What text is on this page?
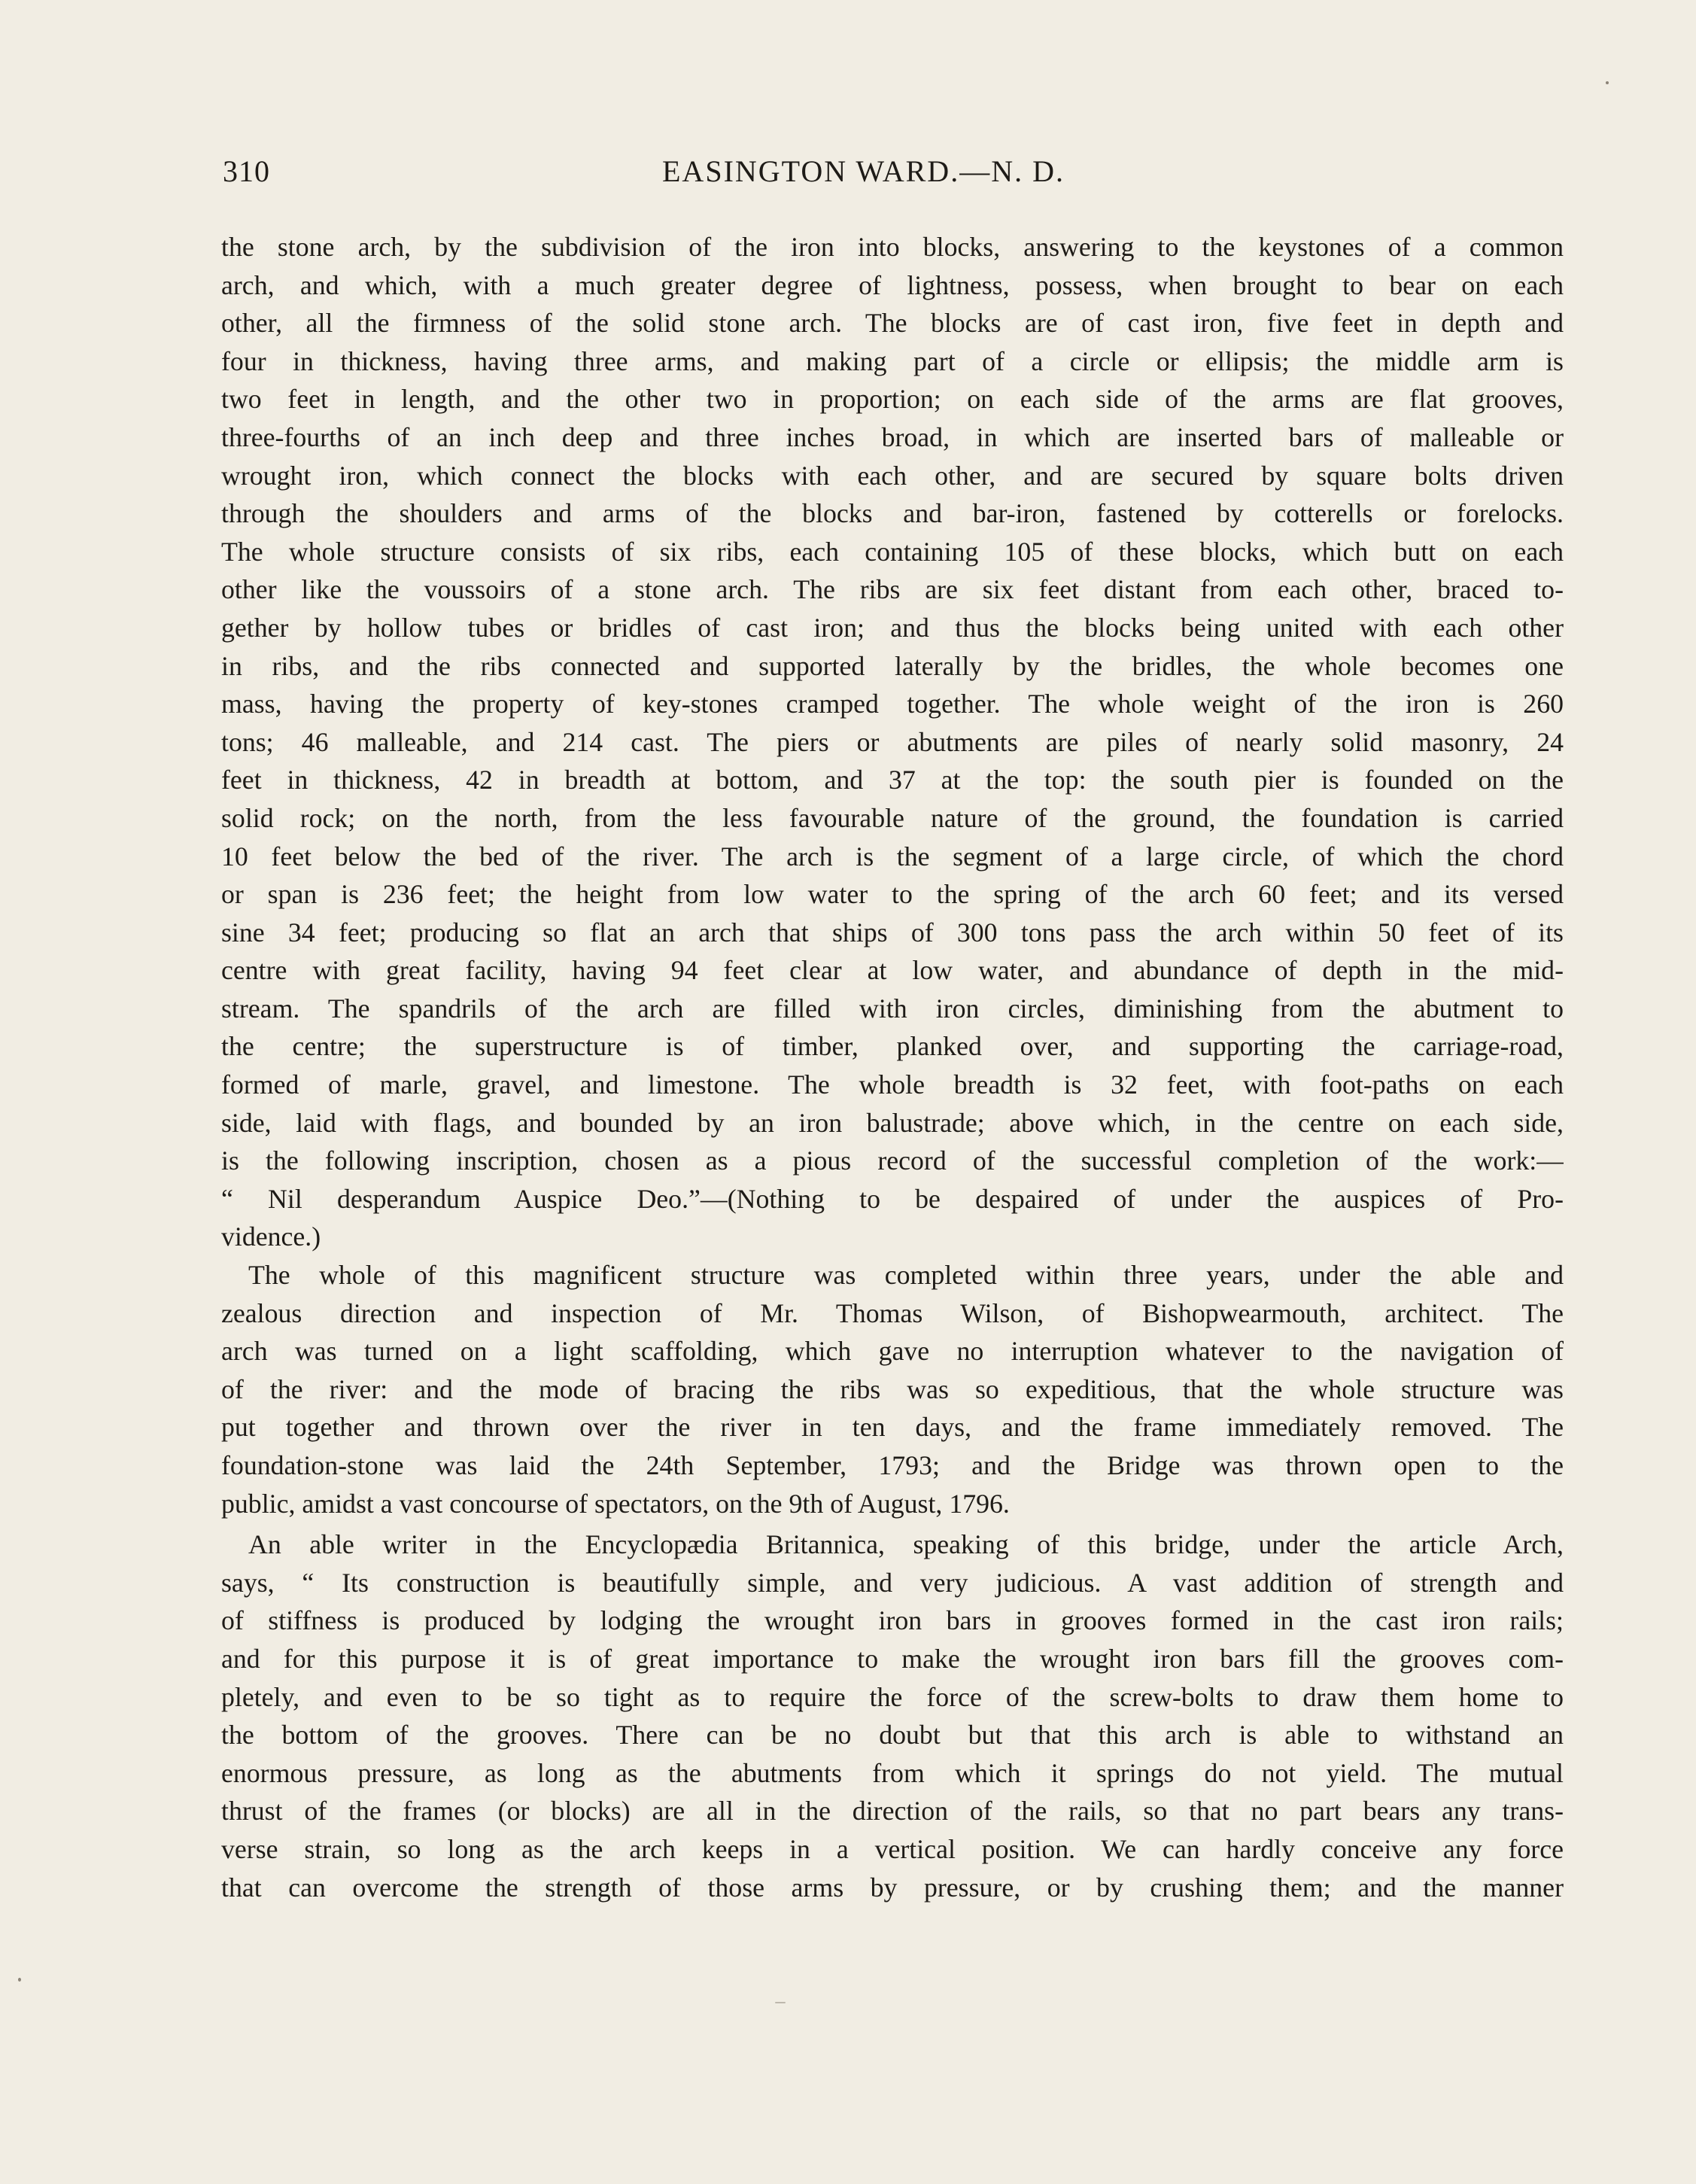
310	EASINGTON WARD.—N. D.
the stone arch, by the subdivision of the iron into blocks, answering to the keystones of a common
arch, and which, with a much greater degree of lightness, possess, when brought to bear on each
other, all the firmness of the solid stone arch. The blocks are of cast iron, five feet in depth and
four in thickness, having three arms, and making part of a circle or ellipsis; the middle arm is
two feet in length, and the other two in proportion; on each side of the arms are flat grooves,
three-fourths of an inch deep and three inches broad, in which are inserted bars of malleable or
wrought iron, which connect the blocks with each other, and are secured by square bolts driven
through the shoulders and arms of the blocks and bar-iron, fastened by cotterells or forelocks.
The whole structure consists of six ribs, each containing 105 of these blocks, which butt on each
other like the voussoirs of a stone arch. The ribs are six feet distant from each other, braced to-
gether by hollow tubes or bridles of cast iron; and thus the blocks being united with each other
in ribs, and the ribs connected and supported laterally by the bridles, the whole becomes one
mass, having the property of key-stones cramped together. The whole weight of the iron is 260
tons; 46 malleable, and 214 cast. The piers or abutments are piles of nearly solid masonry, 24
feet in thickness, 42 in breadth at bottom, and 37 at the top: the south pier is founded on the
solid rock; on the north, from the less favourable nature of the ground, the foundation is carried
10 feet below the bed of the river. The arch is the segment of a large circle, of which the chord
or span is 236 feet; the height from low water to the spring of the arch 60 feet; and its versed
sine 34 feet; producing so flat an arch that ships of 300 tons pass the arch within 50 feet of its
centre with great facility, having 94 feet clear at low water, and abundance of depth in the mid-
stream. The spandrils of the arch are filled with iron circles, diminishing from the abutment to
the centre; the superstructure is of timber, planked over, and supporting the carriage-road,
formed of marle, gravel, and limestone. The whole breadth is 32 feet, with foot-paths on each
side, laid with flags, and bounded by an iron balustrade; above which, in the centre on each side,
is the following inscription, chosen as a pious record of the successful completion of the work:—
“ Nil desperandum Auspice Deo.”—(Nothing to be despaired of under the auspices of Pro-
vidence.)
The whole of this magnificent structure was completed within three years, under the able and
zealous direction and inspection of Mr. Thomas Wilson, of Bishopwearmouth, architect. The
arch was turned on a light scaffolding, which gave no interruption whatever to the navigation of
of the river: and the mode of bracing the ribs was so expeditious, that the whole structure was
put together and thrown over the river in ten days, and the frame immediately removed. The
foundation-stone was laid the 24th September, 1793; and the Bridge was thrown open to the
public, amidst a vast concourse of spectators, on the 9th of August, 1796.
An able writer in the Encyclopædia Britannica, speaking of this bridge, under the article Arch,
says, “ Its construction is beautifully simple, and very judicious. A vast addition of strength and
of stiffness is produced by lodging the wrought iron bars in grooves formed in the cast iron rails;
and for this purpose it is of great importance to make the wrought iron bars fill the grooves com-
pletely, and even to be so tight as to require the force of the screw-bolts to draw them home to
the bottom of the grooves. There can be no doubt but that this arch is able to withstand an
enormous pressure, as long as the abutments from which it springs do not yield. The mutual
thrust of the frames (or blocks) are all in the direction of the rails, so that no part bears any trans-
verse strain, so long as the arch keeps in a vertical position. We can hardly conceive any force
that can overcome the strength of those arms by pressure, or by crushing them; and the manner
